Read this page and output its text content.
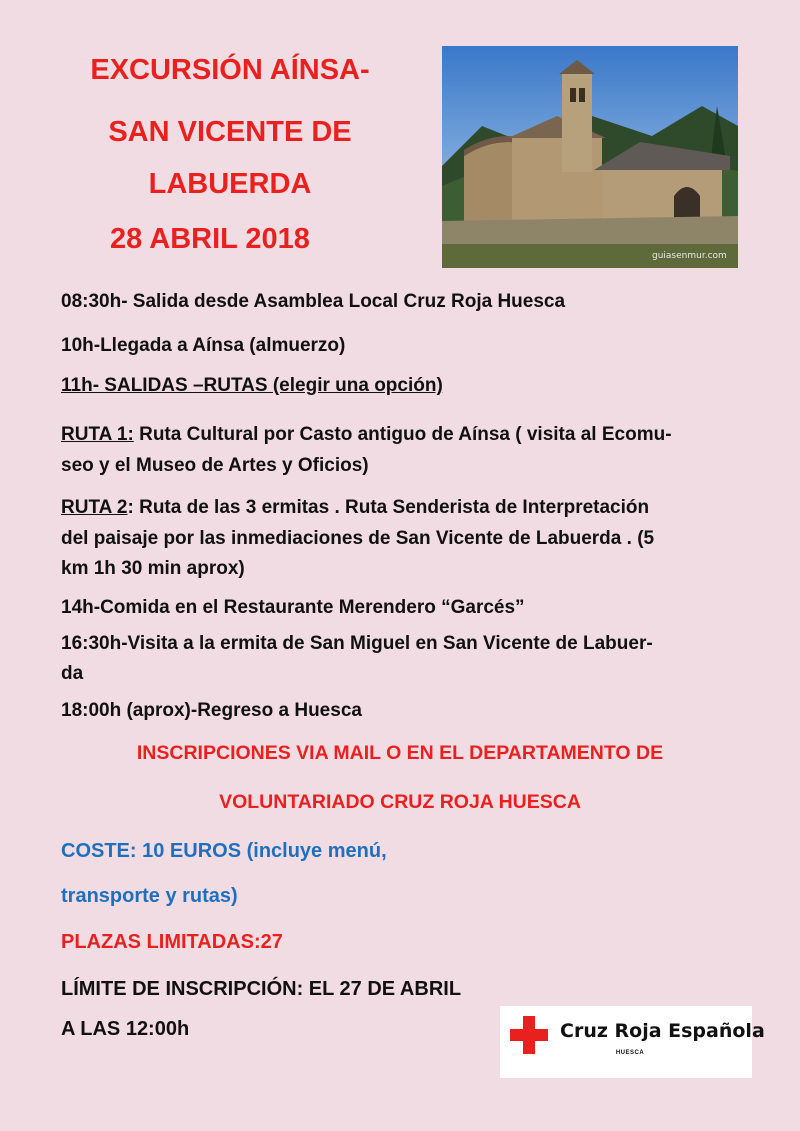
EXCURSIÓN AÍNSA-
SAN VICENTE DE
LABUERDA
28 ABRIL 2018
guiasenmur.com

08:30h- Salida desde Asamblea Local Cruz Roja Huesca

10h-Llegada a Aínsa (almuerzo)

11h- SALIDAS –RUTAS (elegir una opción)

RUTA 1: Ruta Cultural por Casto antiguo de Aínsa ( visita al Ecomu-

seo y el Museo de Artes y Oficios)

RUTA 2: Ruta de las 3 ermitas . Ruta Senderista de Interpretación

del paisaje por las inmediaciones de San Vicente de Labuerda . (5

km 1h 30 min aprox)

14h-Comida en el Restaurante Merendero “Garcés”

16:30h-Visita a la ermita de San Miguel en San Vicente de Labuer-

da

18:00h (aprox)-Regreso a Huesca

INSCRIPCIONES VIA MAIL O EN EL DEPARTAMENTO DE

VOLUNTARIADO CRUZ ROJA HUESCA

COSTE: 10 EUROS (incluye menú,

transporte y rutas)

PLAZAS LIMITADAS:27

LÍMITE DE INSCRIPCIÓN: EL 27 DE ABRIL

A LAS 12:00h	Cruz Roja Española
HUESCA
